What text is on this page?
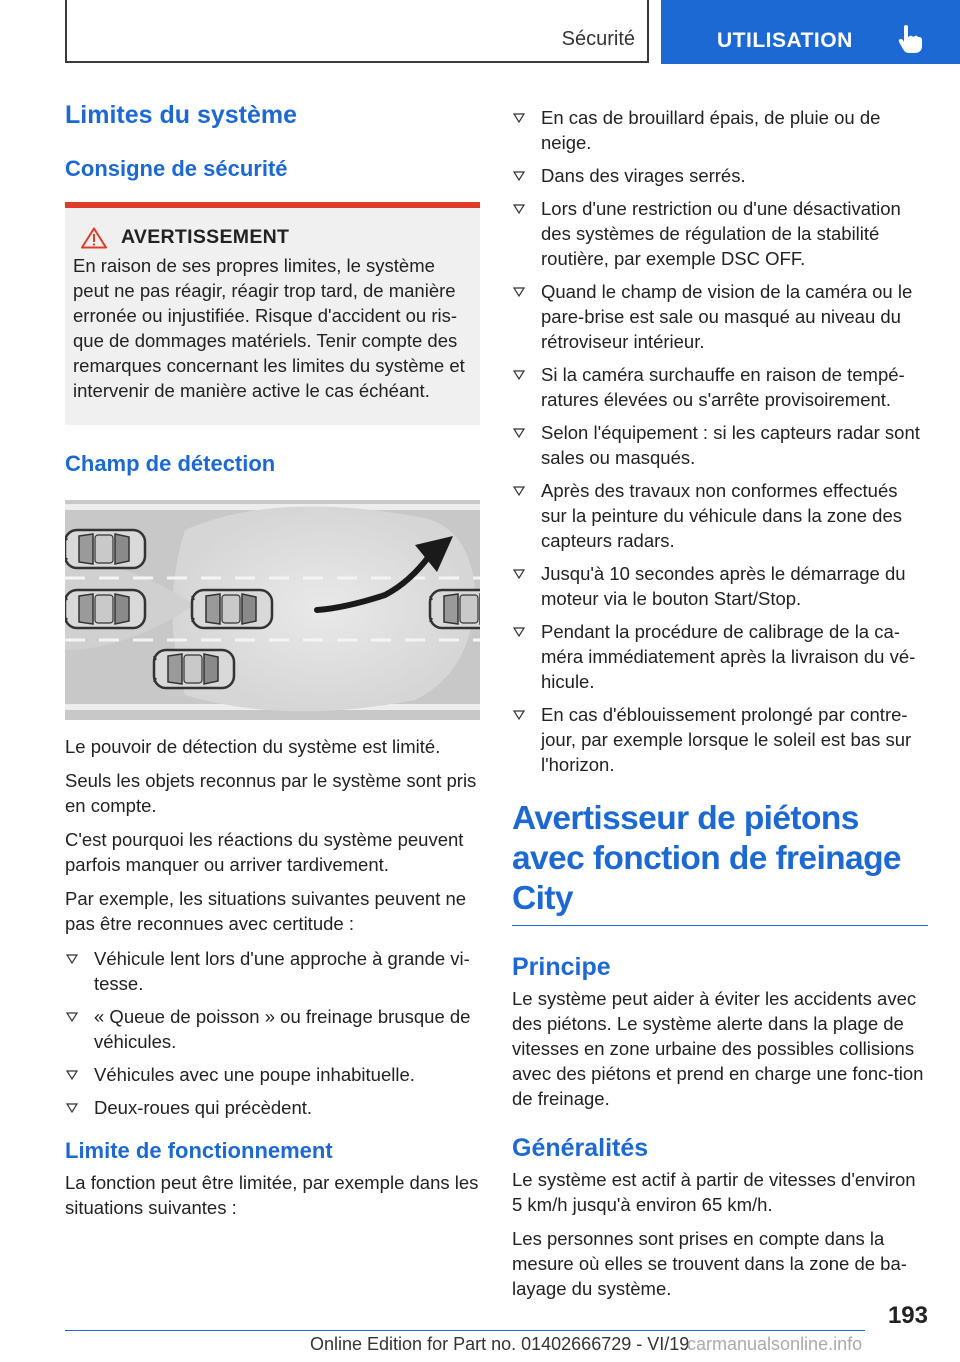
Sécurité	UTILISATION
Limites du système
Consigne de sécurité
AVERTISSEMENT

En raison de ses propres limites, le système peut ne pas réagir, réagir trop tard, de manière erronée ou injustifiée. Risque d'accident ou ris-que de dommages matériels. Tenir compte des remarques concernant les limites du système et intervenir de manière active le cas échéant.

Champ de détection

Le pouvoir de détection du système est limité.

Seuls les objets reconnus par le système sont pris en compte.

C'est pourquoi les réactions du système peuvent parfois manquer ou arriver tardivement.

Par exemple, les situations suivantes peuvent ne pas être reconnues avec certitude :

Véhicule lent lors d'une approche à grande vi-tesse.
« Queue de poisson » ou freinage brusque de véhicules.
Véhicules avec une poupe inhabituelle.
Deux-roues qui précèdent.
Limite de fonctionnement

La fonction peut être limitée, par exemple dans les situations suivantes :

En cas de brouillard épais, de pluie ou de neige.
Dans des virages serrés.
Lors d'une restriction ou d'une désactivation des systèmes de régulation de la stabilité routière, par exemple DSC OFF.
Quand le champ de vision de la caméra ou le pare-brise est sale ou masqué au niveau du rétroviseur intérieur.
Si la caméra surchauffe en raison de tempé-ratures élevées ou s'arrête provisoirement.
Selon l'équipement : si les capteurs radar sont sales ou masqués.
Après des travaux non conformes effectués sur la peinture du véhicule dans la zone des capteurs radars.
Jusqu'à 10 secondes après le démarrage du moteur via le bouton Start/Stop.
Pendant la procédure de calibrage de la ca-méra immédiatement après la livraison du vé-hicule.
En cas d'éblouissement prolongé par contre-jour, par exemple lorsque le soleil est bas sur l'horizon.
Avertisseur de piétons avec fonction de freinage City
Principe

Le système peut aider à éviter les accidents avec des piétons. Le système alerte dans la plage de vitesses en zone urbaine des possibles collisions avec des piétons et prend en charge une fonc-tion de freinage.

Généralités

Le système est actif à partir de vitesses d'environ 5 km/h jusqu'à environ 65 km/h.

Les personnes sont prises en compte dans la mesure où elles se trouvent dans la zone de ba-layage du système.

193
Online Edition for Part no. 01402666729 - VI/19
carmanualsonline.info
